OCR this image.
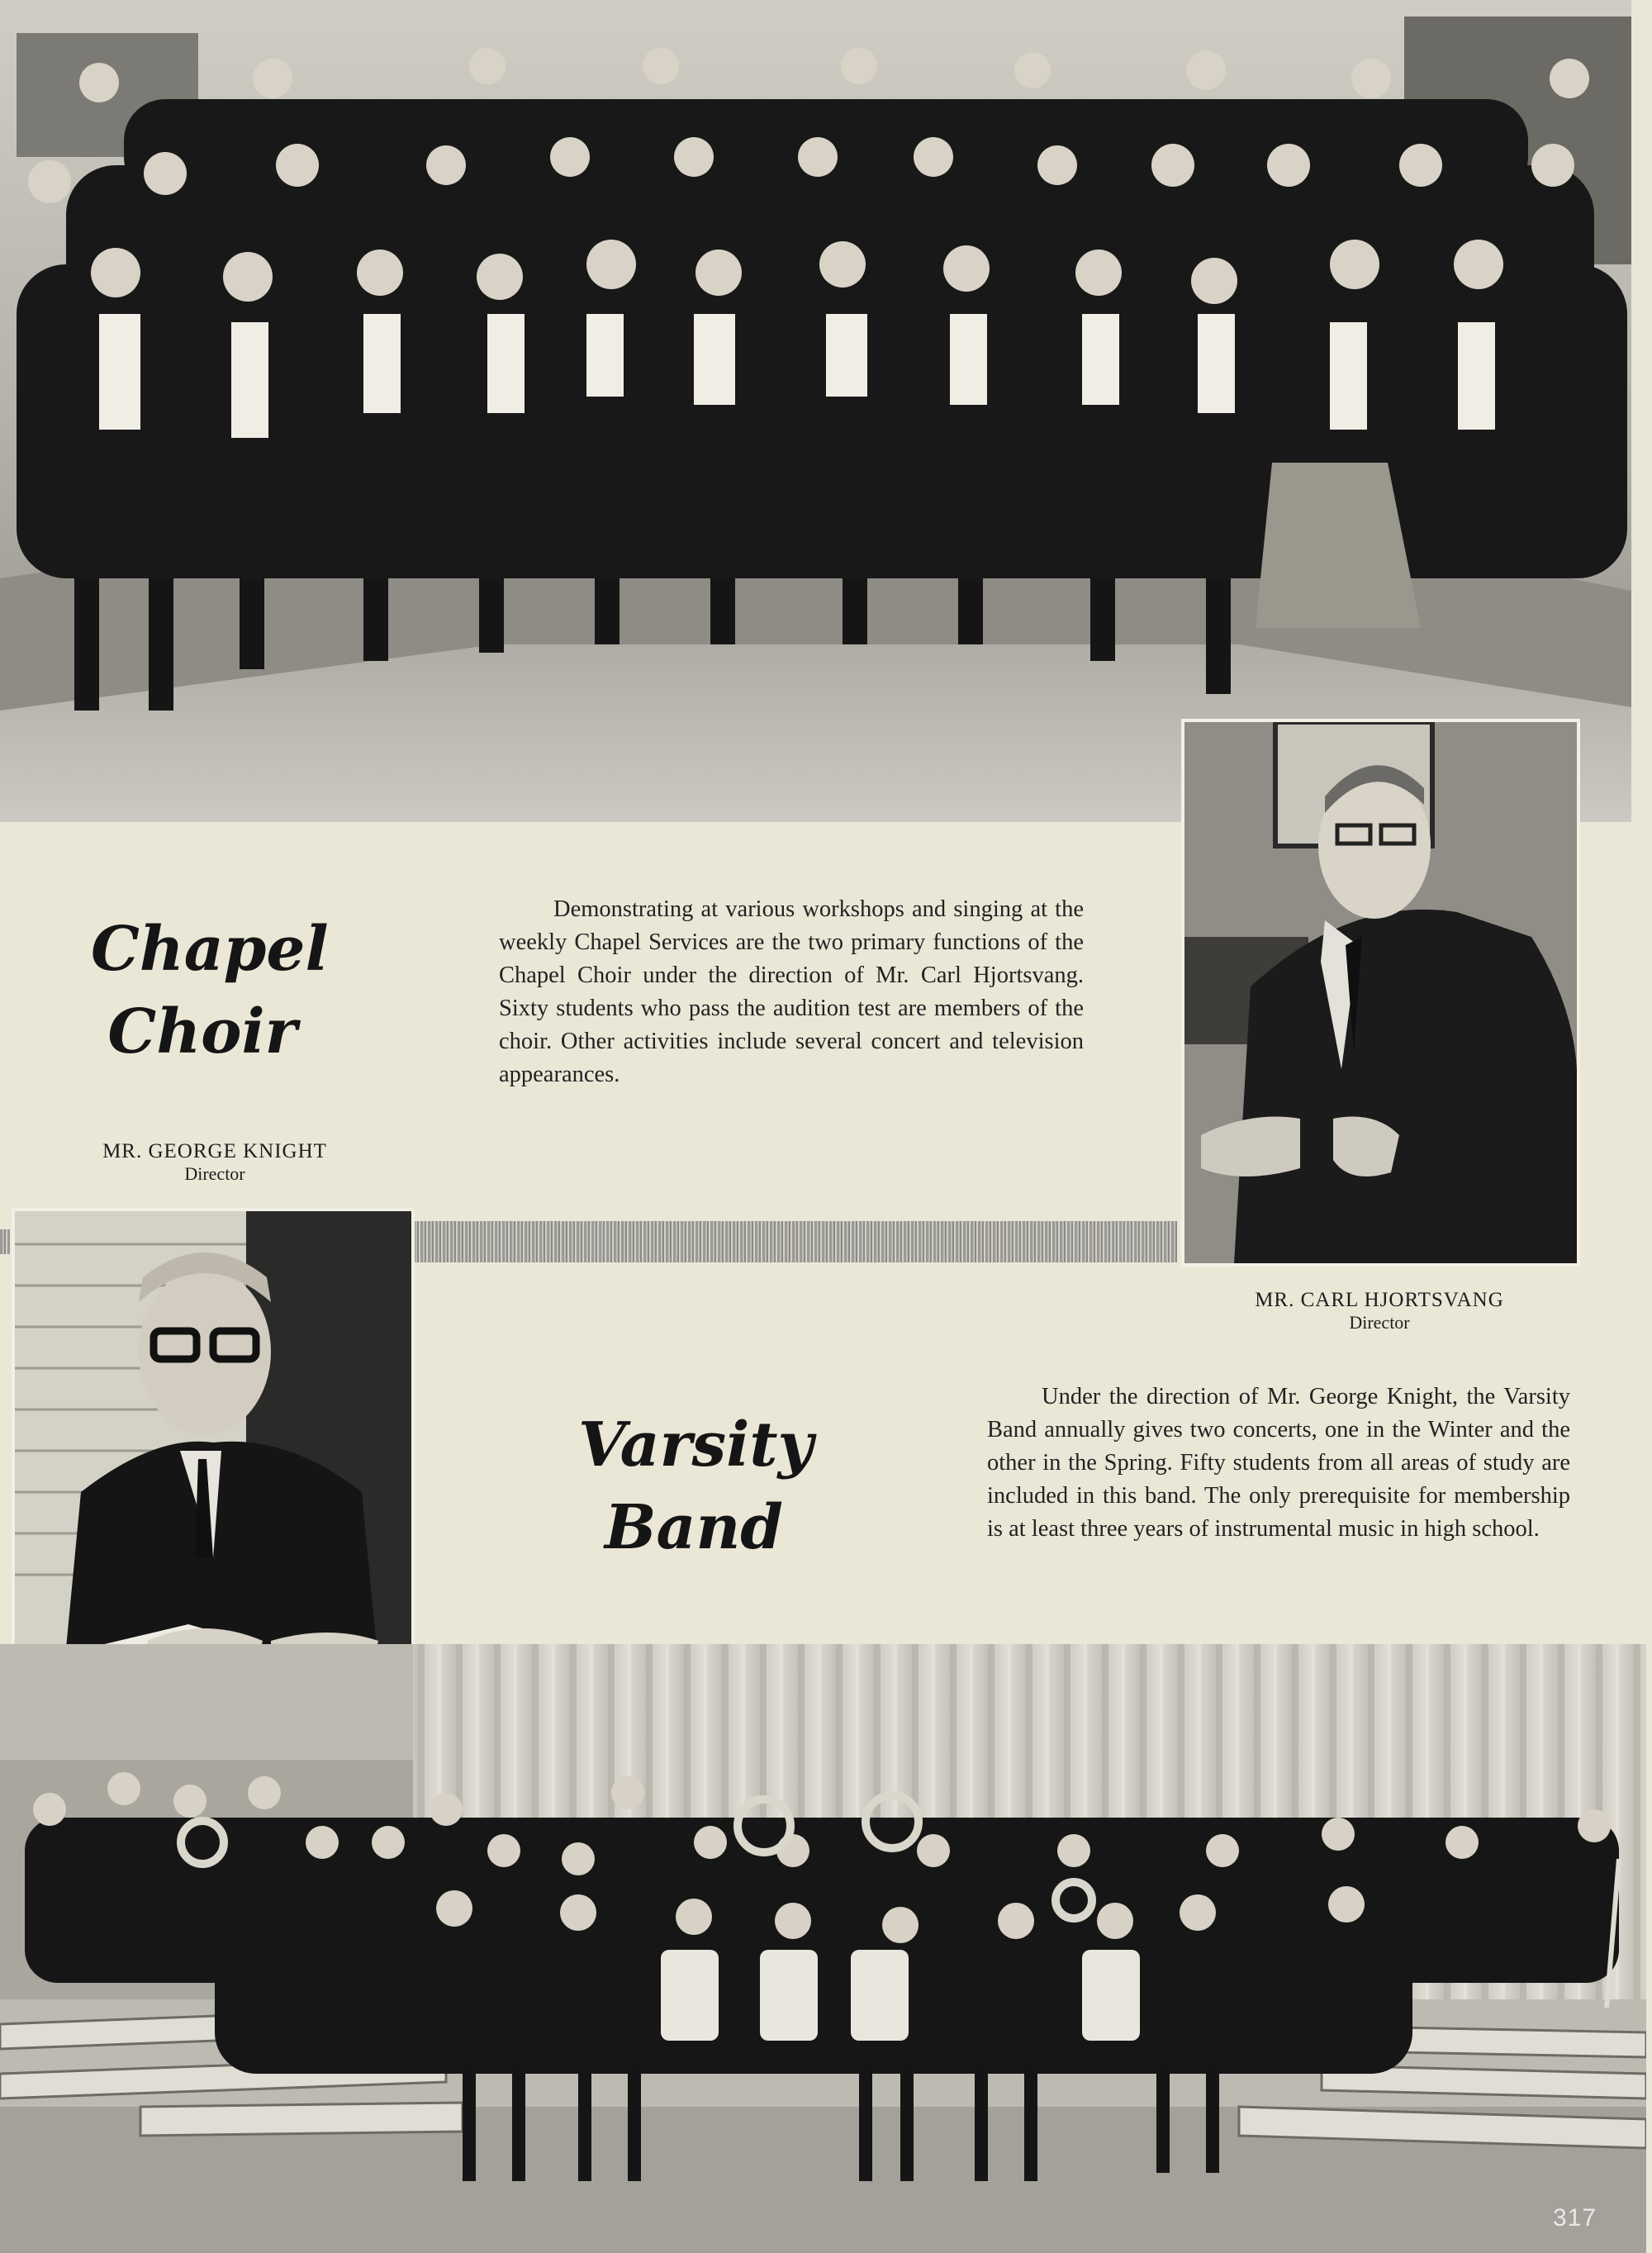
Chapel
Choir
Demonstrating at various workshops and singing at the weekly Chapel Services are the two primary functions of the Chapel Choir under the direction of Mr. Carl Hjortsvang. Sixty students who pass the audition test are members of the choir. Other activities include several concert and television appearances.
MR. CARL HJORTSVANG
Director
MR. GEORGE KNIGHT
Director
Varsity
Band
Under the direction of Mr. George Knight, the Varsity Band annually gives two concerts, one in the Winter and the other in the Spring. Fifty students from all areas of study are included in this band. The only prerequisite for membership is at least three years of instrumental music in high school.
317
